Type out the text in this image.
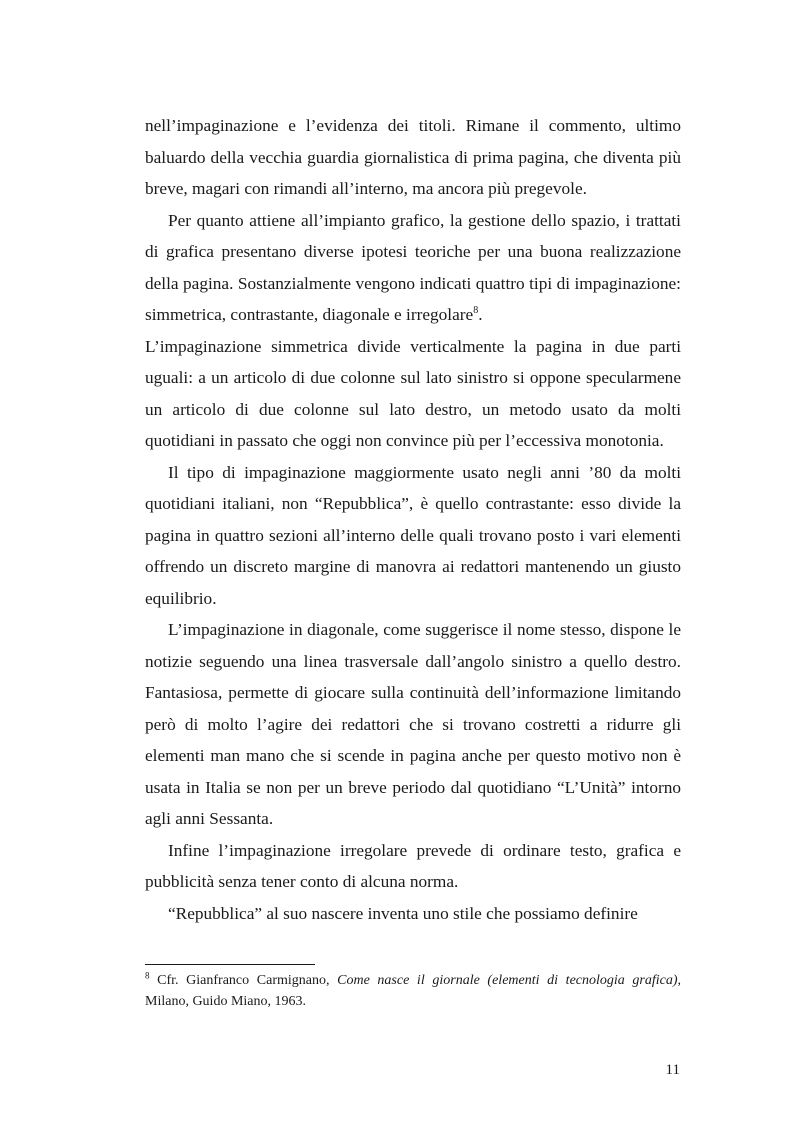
nell’impaginazione e l’evidenza dei titoli. Rimane il commento, ultimo baluardo della vecchia guardia giornalistica di prima pagina, che diventa più breve, magari con rimandi all’interno, ma ancora più pregevole.

Per quanto attiene all’impianto grafico, la gestione dello spazio, i trattati di grafica presentano diverse ipotesi teoriche per una buona realizzazione della pagina. Sostanzialmente vengono indicati quattro tipi di impaginazione: simmetrica, contrastante, diagonale e irregolare$^8$.

L’impaginazione simmetrica divide verticalmente la pagina in due parti uguali: a un articolo di due colonne sul lato sinistro si oppone specularmene un articolo di due colonne sul lato destro, un metodo usato da molti quotidiani in passato che oggi non convince più per l’eccessiva monotonia.

Il tipo di impaginazione maggiormente usato negli anni ’80 da molti quotidiani italiani, non “Repubblica”, è quello contrastante: esso divide la pagina in quattro sezioni all’interno delle quali trovano posto i vari elementi offrendo un discreto margine di manovra ai redattori mantenendo un giusto equilibrio.

L’impaginazione in diagonale, come suggerisce il nome stesso, dispone le notizie seguendo una linea trasversale dall’angolo sinistro a quello destro. Fantasiosa, permette di giocare sulla continuità dell’informazione limitando però di molto l’agire dei redattori che si trovano costretti a ridurre gli elementi man mano che si scende in pagina anche per questo motivo non è usata in Italia se non per un breve periodo dal quotidiano “L’Unità” intorno agli anni Sessanta.

Infine l’impaginazione irregolare prevede di ordinare testo, grafica e pubblicità senza tener conto di alcuna norma.

“Repubblica” al suo nascere inventa uno stile che possiamo definire

$^8$ Cfr. Gianfranco Carmignano, Come nasce il giornale (elementi di tecnologia grafica), Milano, Guido Miano, 1963.
11
